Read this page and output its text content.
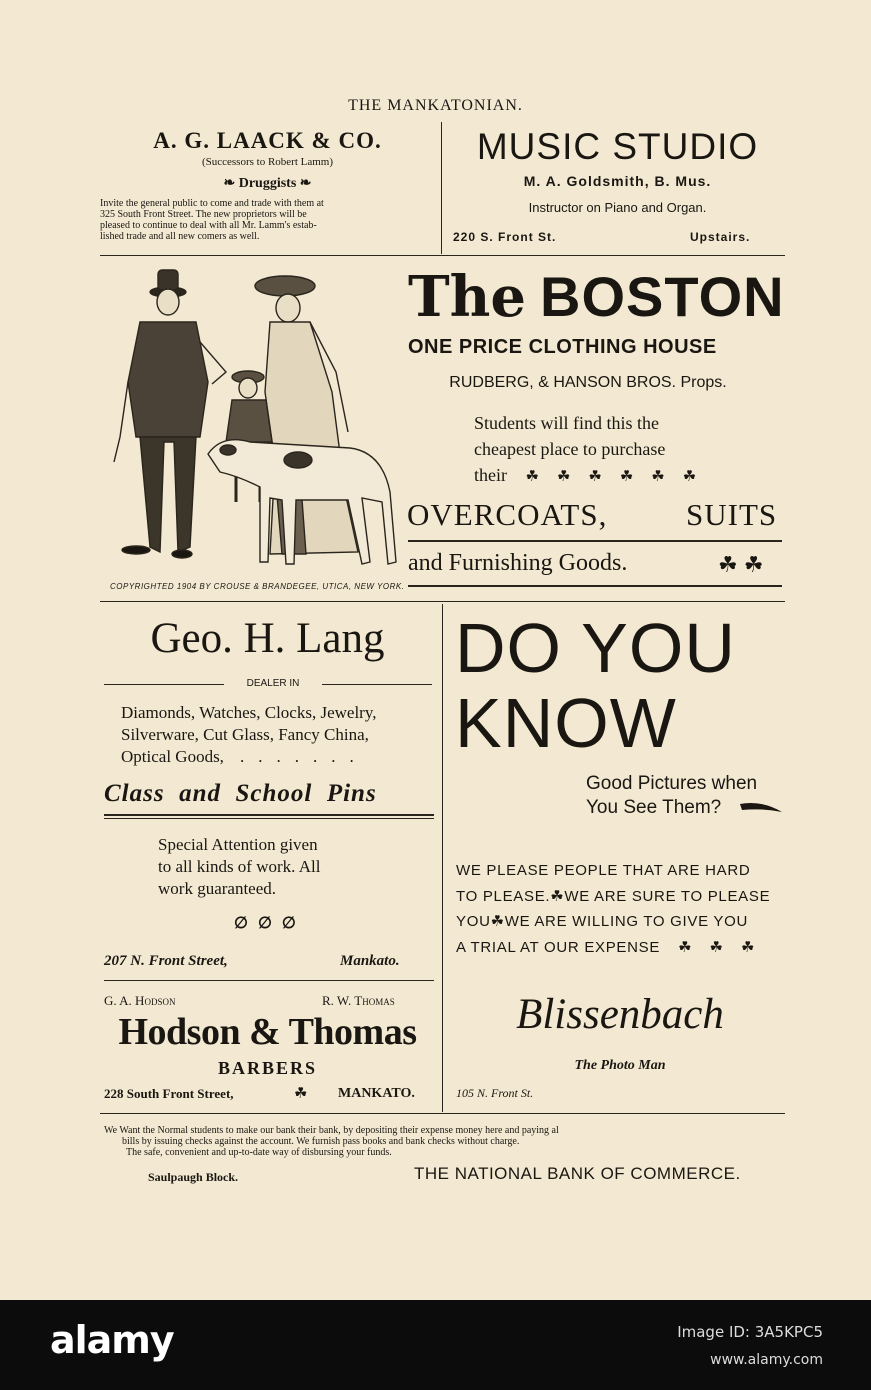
THE MANKATONIAN.
A. G. LAACK & CO.
(Successors to Robert Lamm)
❧ Druggists ❧
Invite the general public to come and trade with them at
325 South Front Street. The new proprietors will be
pleased to continue to deal with all Mr. Lamm's estab-
lished trade and all new comers as well.
MUSIC STUDIO
M. A. Goldsmith, B. Mus.
Instructor on Piano and Organ.
220 S. Front St.	Upstairs.
COPYRIGHTED 1904 BY CROUSE & BRANDEGEE, UTICA, NEW YORK.
The BOSTON
ONE PRICE CLOTHING HOUSE
RUDBERG, & HANSON BROS. Props.
Students will find this the
cheapest place to purchase
their ☘☘☘☘☘☘
OVERCOATS,	SUITS
and Furnishing Goods.	☘☘
Geo. H. Lang
DEALER IN
Diamonds, Watches, Clocks, Jewelry,
Silverware, Cut Glass, Fancy China,
Optical Goods, .......
Class  and  School  Pins
Special Attention given
to all kinds of work. All
work guaranteed.
∅∅∅
207 N. Front Street,	Mankato.
DO YOU
KNOW
Good Pictures when
You See Them?
WE PLEASE PEOPLE THAT ARE HARD
TO PLEASE.☘WE ARE SURE TO PLEASE
YOU☘WE ARE WILLING TO GIVE YOU
A TRIAL AT OUR EXPENSE ☘☘☘
G. A. Hodson	R. W. Thomas
Hodson & Thomas
BARBERS
228 South Front Street,	☘ MANKATO.
Blissenbach
The Photo Man
105 N. Front St.
We Want the Normal students to make our bank their bank, by depositing their expense money here and paying al
bills by issuing checks against the account. We furnish pass books and bank checks without charge.
The safe, convenient and up-to-date way of disbursing your funds.
Saulpaugh Block.	THE NATIONAL BANK OF COMMERCE.
alamy	Image ID: 3A5KPC5
www.alamy.com
